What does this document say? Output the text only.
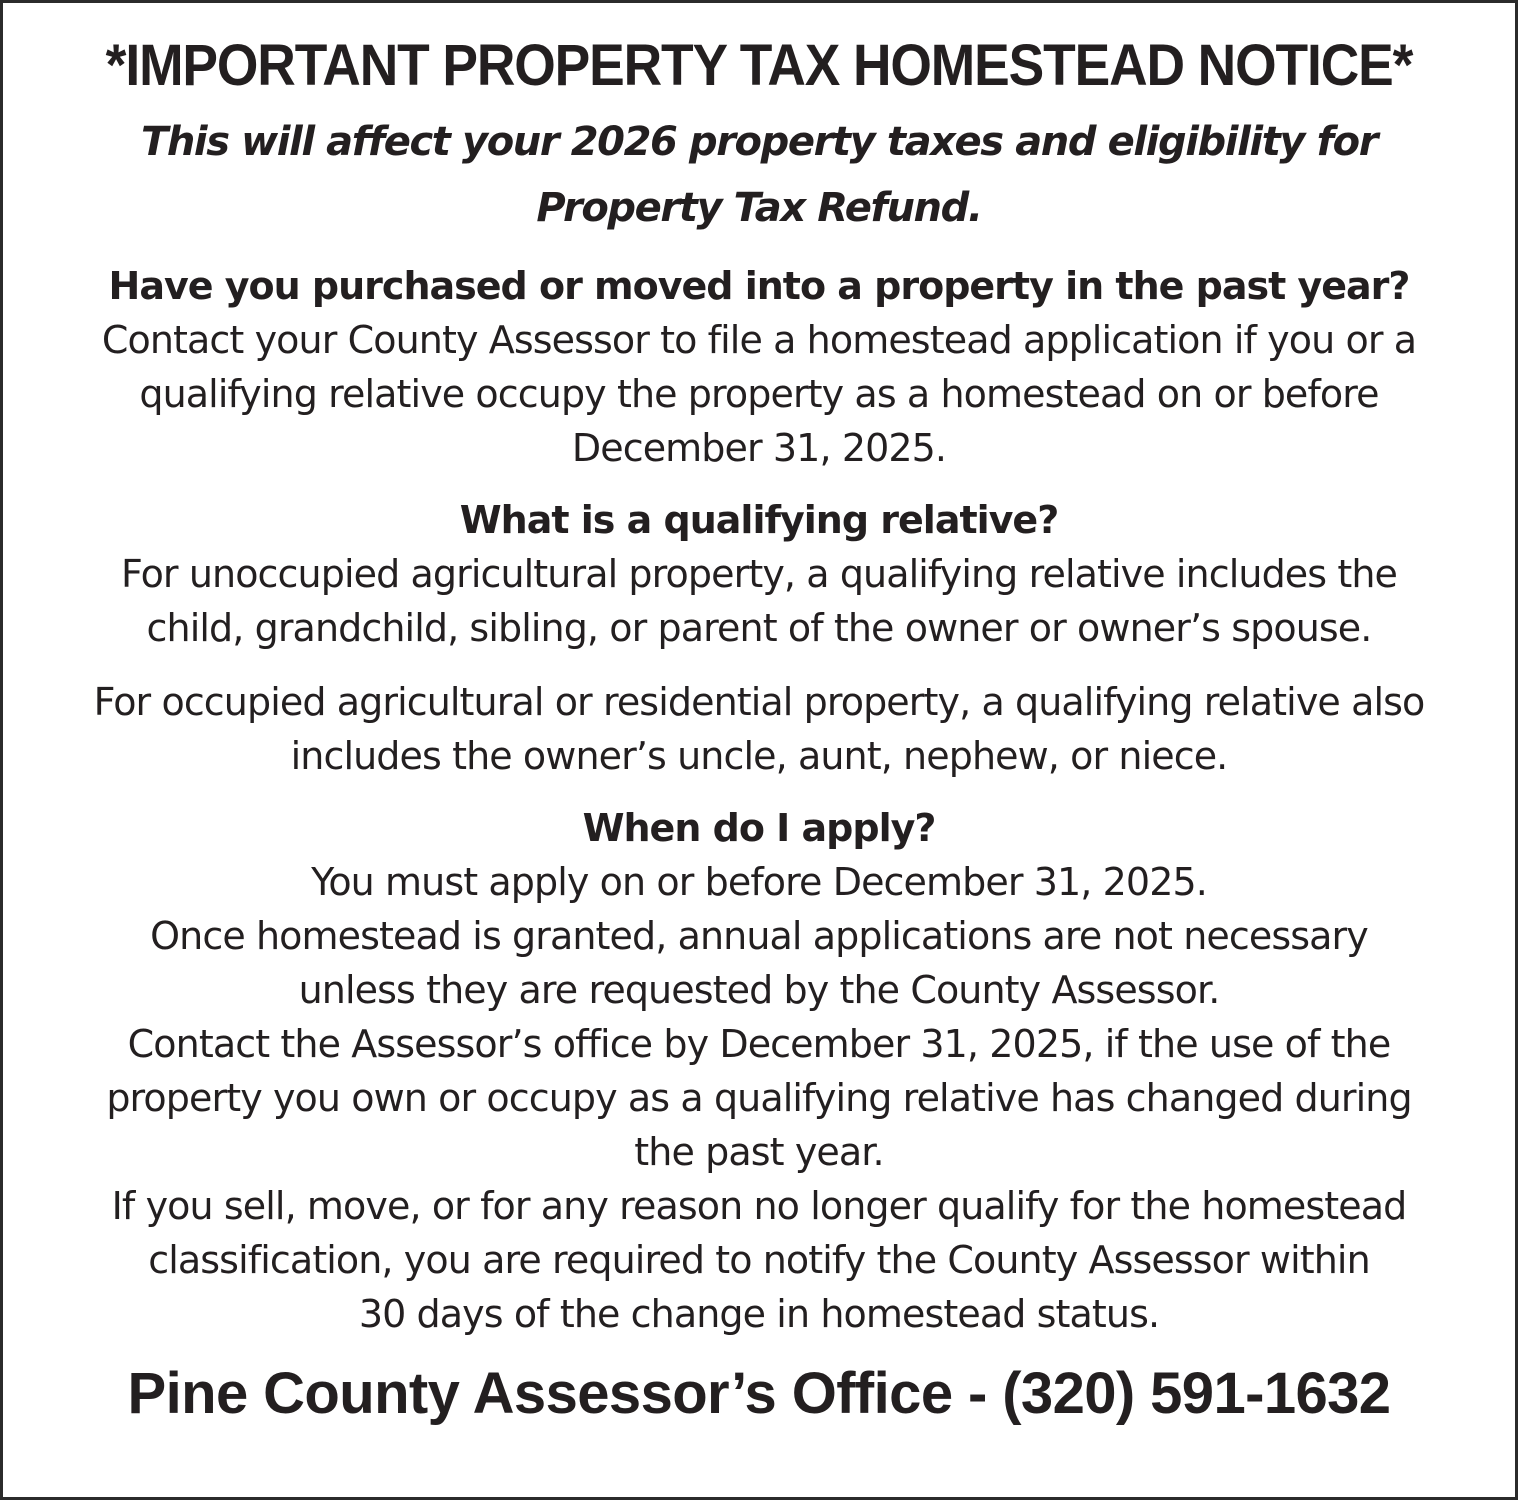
*IMPORTANT PROPERTY TAX HOMESTEAD NOTICE*
This will affect your 2026 property taxes and eligibility for
Property Tax Refund.
Have you purchased or moved into a property in the past year?
Contact your County Assessor to file a homestead application if you or a
qualifying relative occupy the property as a homestead on or before
December 31, 2025.
What is a qualifying relative?
For unoccupied agricultural property, a qualifying relative includes the
child, grandchild, sibling, or parent of the owner or owner’s spouse.
For occupied agricultural or residential property, a qualifying relative also
includes the owner’s uncle, aunt, nephew, or niece.
When do I apply?
You must apply on or before December 31, 2025.
Once homestead is granted, annual applications are not necessary
unless they are requested by the County Assessor.
Contact the Assessor’s office by December 31, 2025, if the use of the
property you own or occupy as a qualifying relative has changed during
the past year.
If you sell, move, or for any reason no longer qualify for the homestead
classification, you are required to notify the County Assessor within
30 days of the change in homestead status.
Pine County Assessor’s Office - (320) 591-1632
